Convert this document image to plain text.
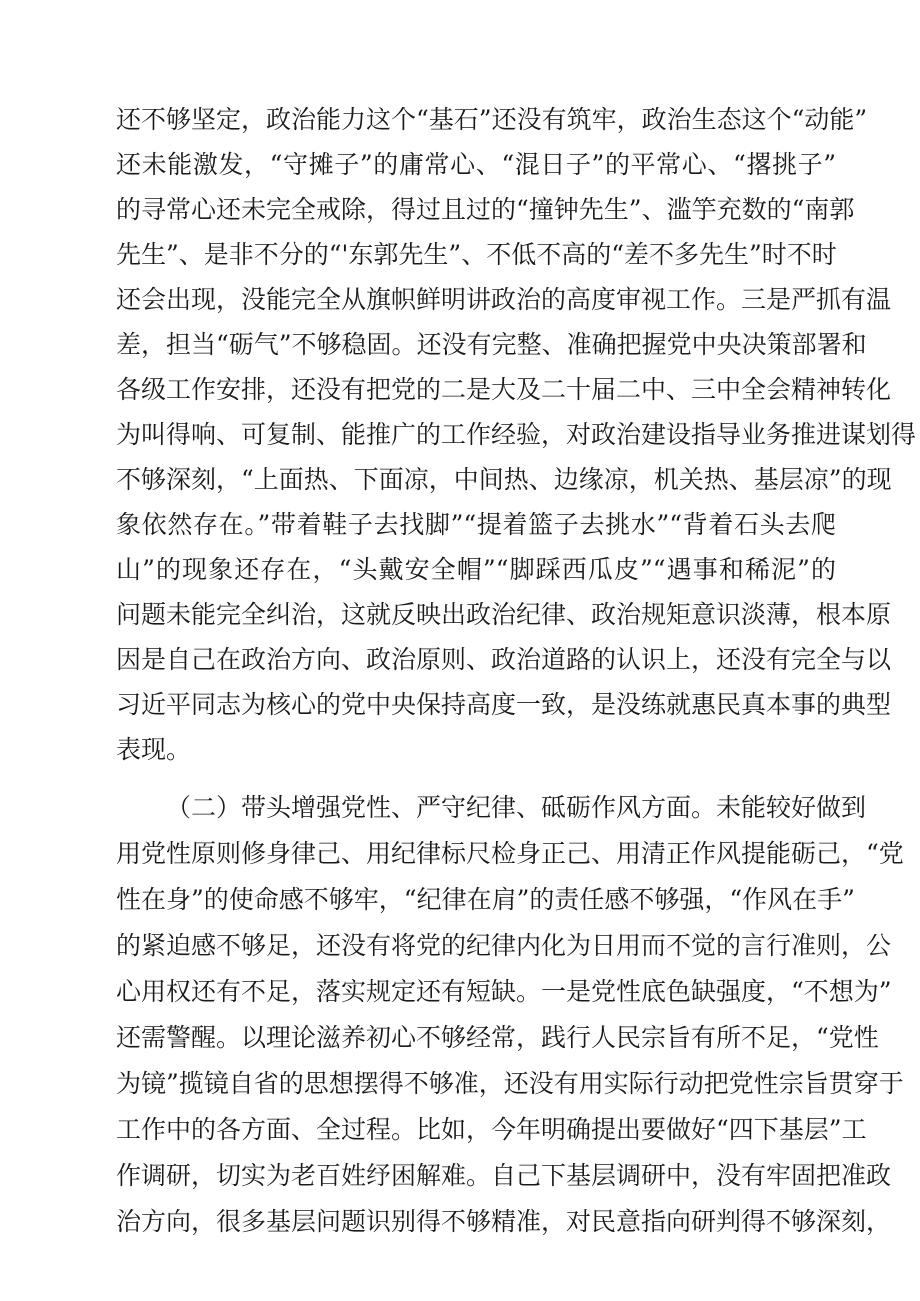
还不够坚定，政治能力这个“基石”还没有筑牢，政治生态这个“动能”
还未能激发，“守摊子”的庸常心、“混日子”的平常心、“撂挑子”
的寻常心还未完全戒除，得过且过的“撞钟先生”、滥竽充数的“南郭
先生”、是非不分的“'东郭先生”、不低不高的“差不多先生”时不时
还会出现，没能完全从旗帜鲜明讲政治的高度审视工作。三是严抓有温
差，担当“砺气”不够稳固。还没有完整、准确把握党中央决策部署和
各级工作安排，还没有把党的二是大及二十届二中、三中全会精神转化
为叫得响、可复制、能推广的工作经验，对政治建设指导业务推进谋划得
不够深刻，“上面热、下面凉，中间热、边缘凉，机关热、基层凉”的现
象依然存在。”带着鞋子去找脚”“提着篮子去挑水”“背着石头去爬
山”的现象还存在，“头戴安全帽”“脚踩西瓜皮”“遇事和稀泥”的
问题未能完全纠治，这就反映出政治纪律、政治规矩意识淡薄，根本原
因是自己在政治方向、政治原则、政治道路的认识上，还没有完全与以
习近平同志为核心的党中央保持高度一致，是没练就惠民真本事的典型
表现。
（二）带头增强党性、严守纪律、砥砺作风方面。未能较好做到
用党性原则修身律己、用纪律标尺检身正己、用清正作风提能砺己，“党
性在身”的使命感不够牢，“纪律在肩”的责任感不够强，“作风在手”
的紧迫感不够足，还没有将党的纪律内化为日用而不觉的言行准则，公
心用权还有不足，落实规定还有短缺。一是党性底色缺强度，“不想为”
还需警醒。以理论滋养初心不够经常，践行人民宗旨有所不足，“党性
为镜”揽镜自省的思想摆得不够准，还没有用实际行动把党性宗旨贯穿于
工作中的各方面、全过程。比如，今年明确提出要做好“四下基层”工
作调研，切实为老百姓纾困解难。自己下基层调研中，没有牢固把准政
治方向，很多基层问题识别得不够精准，对民意指向研判得不够深刻，
